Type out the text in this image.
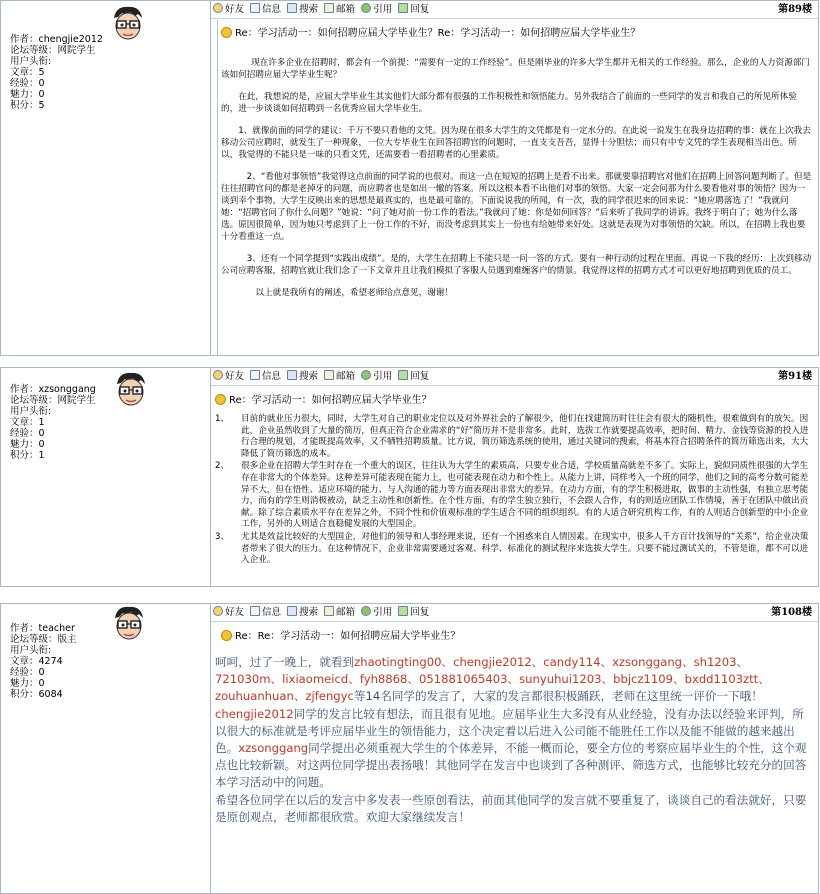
作者：chengjie2012
论坛等级：网院学生
用户头衔:
文章：5
经验：0
魅力：0
积分：5
好友 信息 搜索 邮箱 引用 回复	第89楼
Re：学习活动一：如何招聘应届大学毕业生？Re：学习活动一：如何招聘应届大学毕业生？

现在许多企业在招聘时，都会有一个前提：“需要有一定的工作经验”。但是刚毕业的许多大学生都并无相关的工作经验。那么，企业的人力资源部门该如何招聘应届大学毕业生呢？

在此，我想说的是，应届大学毕业生其实他们大部分都有很强的工作积极性和领悟能力。另外我结合了前面的一些同学的发言和我自己的所见所体验的，进一步谈谈如何招聘到一名优秀应届大学毕业生。

1、就像前面的同学的建议：千万不要只看他的文凭。因为现在很多大学生的文凭都是有一定水分的。在此说一说发生在我身边招聘的事：就在上次我去移动公司应聘时，就发生了一种现象，一位大专毕业生在回答招聘官的问题时，一直支支吾吾，显得十分胆怯；而只有中专文凭的学生表现相当出色。所以，我觉得的不能只是一味的只看文凭，还需要看一看招聘者的心里素质。

2、“看他对事领悟”我觉得这点前面的同学说的也很对。而这一点在短短的招聘上是看不出来。那就要靠招聘官对他们在招聘上回答问题判断了。但是往往招聘官问的都是老掉牙的问题，而应聘者也是如出一辙的答案。所以这根本看不出他们对事的领悟。大家一定会问那为什么要看他对事的领悟？因为一谈到幸个事物，大学生反映出来的思想是最真实的，也是最可靠的。下面说说我的所闻，有一次，我的同学很迟来的回来说：“她应聘落选了！”我就问她：“招聘官问了你什么问题？”她说：“问了她对前一份工作的看法。”我就问了她：你是如何回答？”后来听了我同学的讲诉。我终于明白了；她为什么落选。原因很简单，因为她只考虑到了上一份工作的不好，而没考虑到其实上一份也有给她带来好处。这就是表现为对事领悟的欠缺。所以，在招聘上我也要十分看重这一点。

3、还有一个同学提到“实践出成绩”。是的，大学生在招聘上不能只是一问一答的方式。要有一种行动的过程在里面。再说一下我的经历：上次到移动公司应聘客服，招聘官就让我们念了一下文章并且让我们模拟了客服人员遇到难缠客户的情景。我觉得这样的招聘方式才可以更好地招聘到优质的员工。

以上就是我所有的阐述，希望老师给点意见，谢谢！

作者：xzsonggang
论坛等级：网院学生
用户头衔:
文章：1
经验：0
魅力：0
积分：1
好友 信息 搜索 邮箱 引用 回复	第91楼
Re：学习活动一：如何招聘应届大学毕业生？
1、	目前的就业压力很大，同时，大学生对自己的职业定位以及对外界社会的了解很少，他们在找建简历时往往会有很大的随机性，很难做到有的放矢。因此，企业虽然收到了大量的简历，但真正符合企业需求的“好”简历并不是非常多。此时，选拔工作就要提高效率，把时间、精力、金钱等资源的投入进行合理的规划，才能既提高效率，又不牺牲招聘质量。比方说，简历筛选系统的使用，通过关键词的搜索，将基本符合招聘条件的简历筛选出来，大大降低了简历筛选的成本。
2、	很多企业在招聘大学生时存在一个重大的误区，往往认为大学生的素质高，只要专业合适，学校质量高就差不多了。实际上，貌似同质性很强的大学生存在非常大的个体差异。这种差异可能表现在能力上，也可能表现在动力和个性上。从能力上讲，同样考入一个班的同学，他们之间的高考分数可能差异不大，但在悟性、适应环境的能力、与人沟通的能力等方面表现出非常大的差异。在动力方面，有的学生积极进取，做事的主动性强，有独立思考能力，而有的学生则消极被动，缺乏主动性和创新性。在个性方面，有的学生独立独行，不会跟人合作，有的则适应团队工作情境，善于在团队中做出贡献。除了综合素质水平存在差异之外，不同个性和价值观标准的学生适合不同的组织组织。有的人适合研究机构工作，有的人则适合创新型的中小企业工作，另外的人则适合直稳健发展的大型国企。
3、	尤其是效益比较好的大型国企，对他们的领导和人事经理来说，还有一个困惑来自人情因素。在现实中，很多人千方百计找领导的“关系”，给企业决策者带来了很大的压力。在这种情况下，企业非常需要通过客观、科学、标准化的测试程序来选拔大学生。只要不能过测试关的，不管是谁，都不可以进入企业。
作者：teacher
论坛等级：版主
用户头衔:
文章：4274
经验：0
魅力：0
积分：6084
好友 信息 搜索 邮箱 引用 回复	第108楼
Re：Re：学习活动一：如何招聘应届大学毕业生？

呵呵，过了一晚上，就看到zhaotingting00、chengjie2012、candy114、xzsonggang、sh1203、721030m、lixiaomeicd、fyh8868、051881065403、sunyuhui1203、bbjcz1109、bxdd1103ztt、zouhuanhuan、zjfengyc等14名同学的发言了，大家的发言都很积极踊跃，老师在这里统一评价一下哦！

chengjie2012同学的发言比较有想法，而且很有见地。应届毕业生大多没有从业经验，没有办法以经验来评判，所以很大的标准就是考评应届毕业生的领悟能力，这个决定着以后进入公司能不能胜任工作以及能不能做的越来越出色。xzsonggang同学提出必须重视大学生的个体差异，不能一概而论，要全方位的考察应届毕业生的个性，这个观点也比较新颖。对这两位同学提出表扬哦！其他同学在发言中也谈到了各种测评、筛选方式，也能够比较充分的回答本学习活动中的问题。

希望各位同学在以后的发言中多发表一些原创看法，前面其他同学的发言就不要重复了，谈谈自己的看法就好，只要是原创观点，老师都很欣赏。欢迎大家继续发言！
